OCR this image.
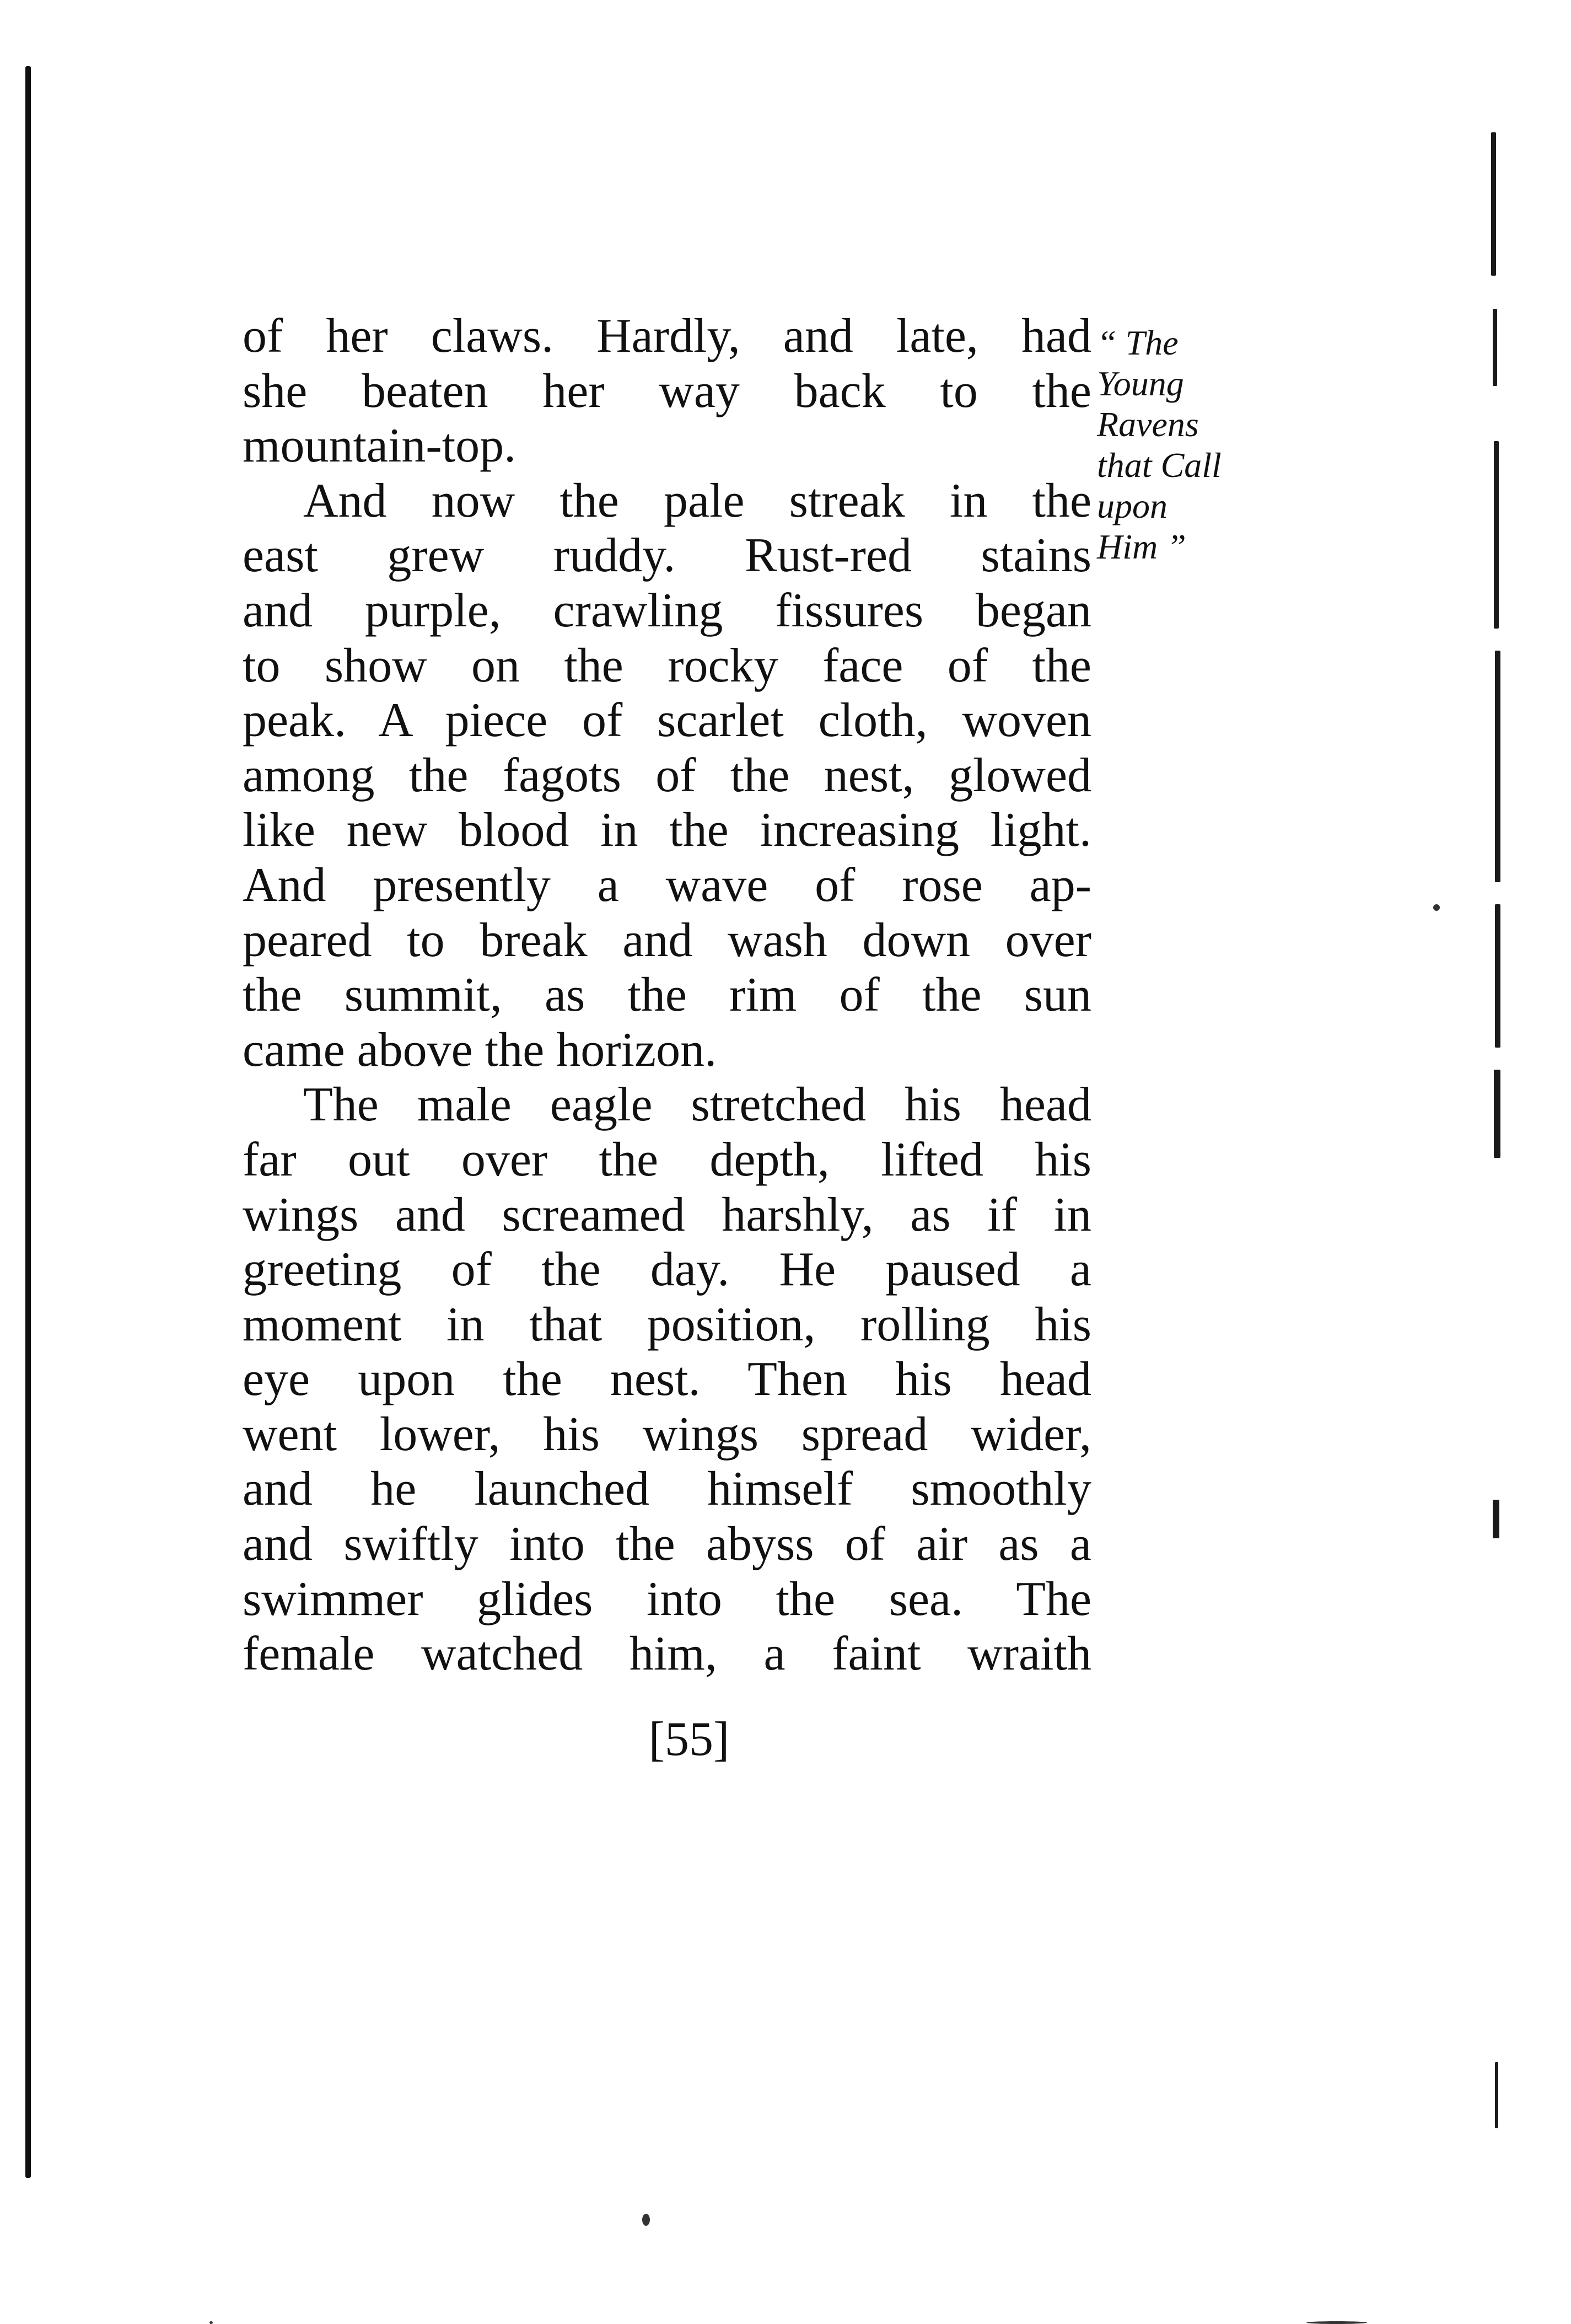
of her claws. Hardly, and late, had
she beaten her way back to the
mountain-top.
And now the pale streak in the
east grew ruddy. Rust-red stains
and purple, crawling fissures began
to show on the rocky face of the
peak. A piece of scarlet cloth, woven
among the fagots of the nest, glowed
like new blood in the increasing light.
And presently a wave of rose ap-
peared to break and wash down over
the summit, as the rim of the sun
came above the horizon.
The male eagle stretched his head
far out over the depth, lifted his
wings and screamed harshly, as if in
greeting of the day. He paused a
moment in that position, rolling his
eye upon the nest. Then his head
went lower, his wings spread wider,
and he launched himself smoothly
and swiftly into the abyss of air as a
swimmer glides into the sea. The
female watched him, a faint wraith
“ The
Young
Ravens
that Call
upon
Him ”
[55]
